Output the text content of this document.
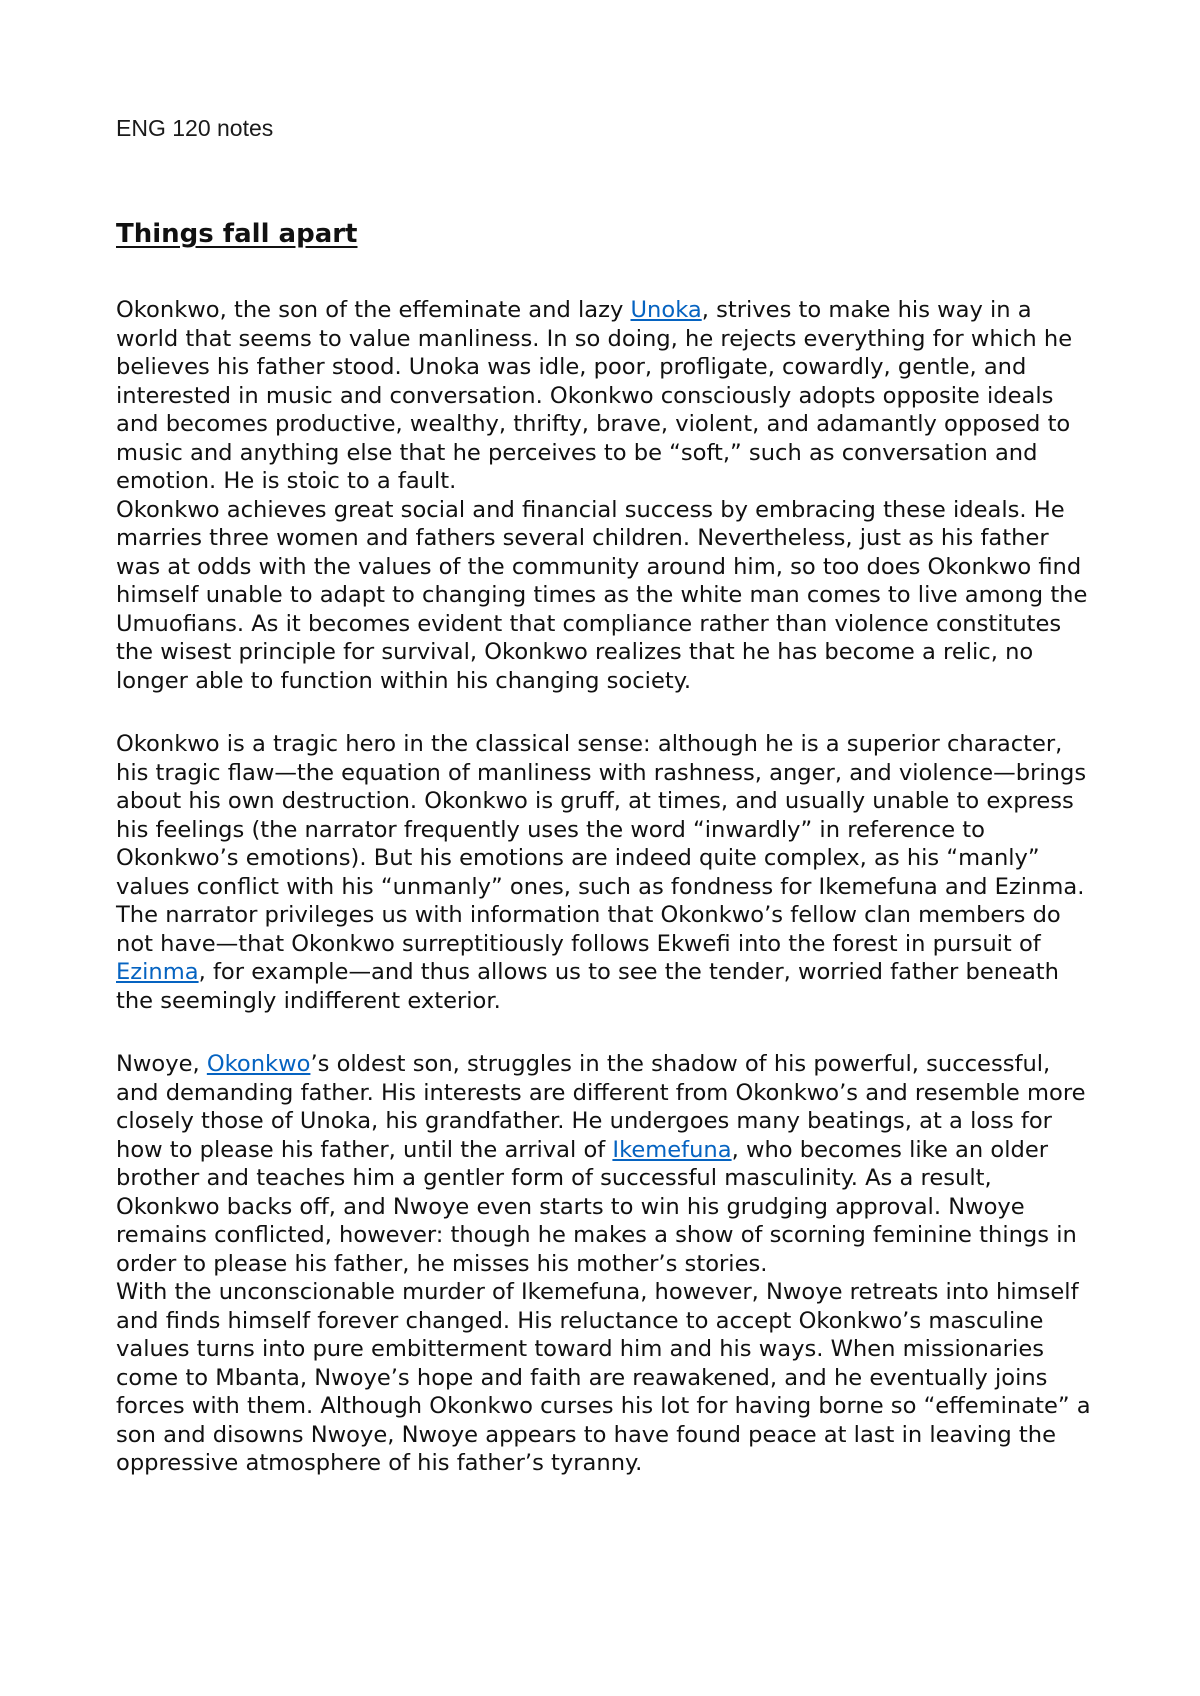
ENG 120 notes

Things fall apart

Okonkwo, the son of the effeminate and lazy Unoka, strives to make his way in a world that seems to value manliness. In so doing, he rejects everything for which he believes his father stood. Unoka was idle, poor, profligate, cowardly, gentle, and interested in music and conversation. Okonkwo consciously adopts opposite ideals and becomes productive, wealthy, thrifty, brave, violent, and adamantly opposed to music and anything else that he perceives to be “soft,” such as conversation and emotion. He is stoic to a fault.

Okonkwo achieves great social and financial success by embracing these ideals. He marries three women and fathers several children. Nevertheless, just as his father was at odds with the values of the community around him, so too does Okonkwo find himself unable to adapt to changing times as the white man comes to live among the Umuofians. As it becomes evident that compliance rather than violence constitutes the wisest principle for survival, Okonkwo realizes that he has become a relic, no longer able to function within his changing society.

Okonkwo is a tragic hero in the classical sense: although he is a superior character, his tragic flaw—the equation of manliness with rashness, anger, and violence—brings about his own destruction. Okonkwo is gruff, at times, and usually unable to express his feelings (the narrator frequently uses the word “inwardly” in reference to Okonkwo’s emotions). But his emotions are indeed quite complex, as his “manly” values conflict with his “unmanly” ones, such as fondness for Ikemefuna and Ezinma. The narrator privileges us with information that Okonkwo’s fellow clan members do not have—that Okonkwo surreptitiously follows Ekwefi into the forest in pursuit of Ezinma, for example—and thus allows us to see the tender, worried father beneath the seemingly indifferent exterior.

Nwoye, Okonkwo’s oldest son, struggles in the shadow of his powerful, successful, and demanding father. His interests are different from Okonkwo’s and resemble more closely those of Unoka, his grandfather. He undergoes many beatings, at a loss for how to please his father, until the arrival of Ikemefuna, who becomes like an older brother and teaches him a gentler form of successful masculinity. As a result, Okonkwo backs off, and Nwoye even starts to win his grudging approval. Nwoye remains conflicted, however: though he makes a show of scorning feminine things in order to please his father, he misses his mother’s stories.

With the unconscionable murder of Ikemefuna, however, Nwoye retreats into himself and finds himself forever changed. His reluctance to accept Okonkwo’s masculine values turns into pure embitterment toward him and his ways. When missionaries come to Mbanta, Nwoye’s hope and faith are reawakened, and he eventually joins forces with them. Although Okonkwo curses his lot for having borne so “effeminate” a son and disowns Nwoye, Nwoye appears to have found peace at last in leaving the oppressive atmosphere of his father’s tyranny.
